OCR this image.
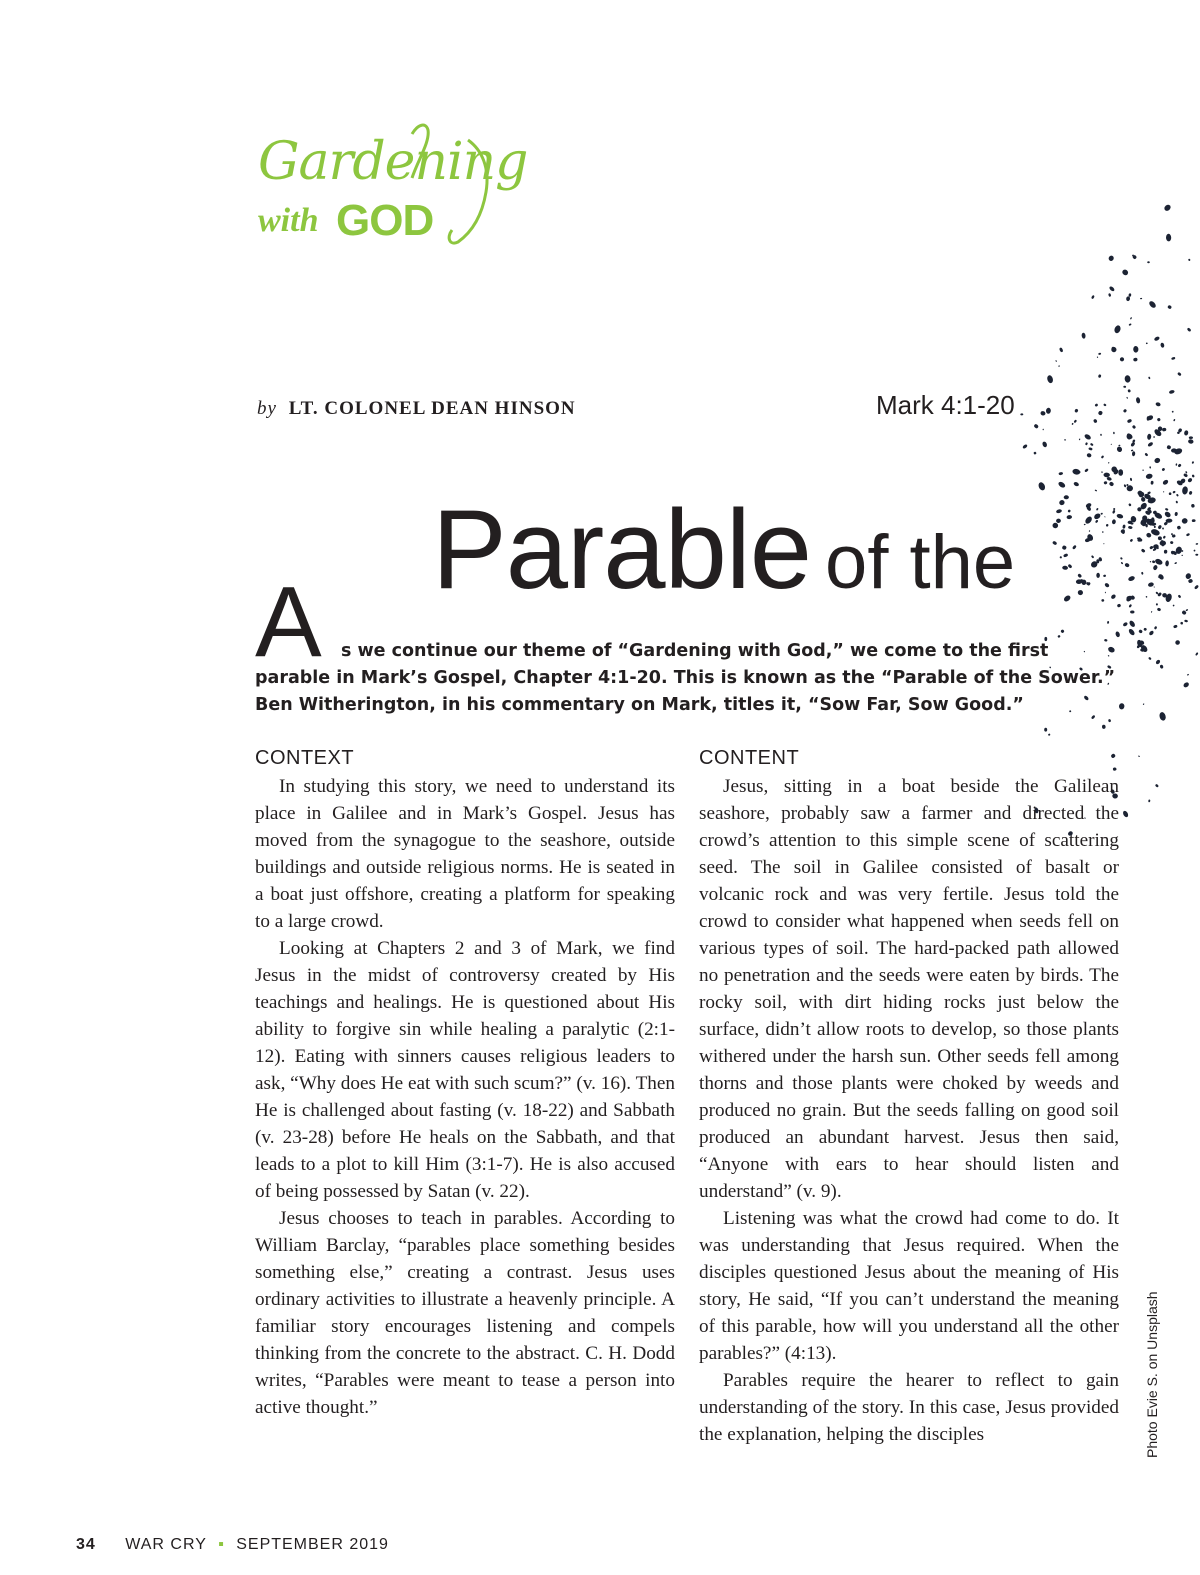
Gardening
with GOD
by LT. COLONEL DEAN HINSON	Mark 4:1-20
Parable of the
A	s we continue our theme of “Gardening with God,” we come to the first parable in Mark’s Gospel, Chapter 4:1-20. This is known as the “Parable of the Sower.” Ben Witherington, in his commentary on Mark, titles it, “Sow Far, Sow Good.”

CONTEXT

In studying this story, we need to understand its place in Galilee and in Mark’s Gospel. Jesus has moved from the synagogue to the seashore, outside buildings and outside religious norms. He is seated in a boat just offshore, creating a platform for speaking to a large crowd.

Looking at Chapters 2 and 3 of Mark, we find Jesus in the midst of controversy created by His teachings and healings. He is questioned about His ability to forgive sin while healing a paralytic (2:1-12). Eating with sinners causes religious leaders to ask, “Why does He eat with such scum?” (v. 16). Then He is challenged about fasting (v. 18-22) and Sabbath (v. 23-28) before He heals on the Sabbath, and that leads to a plot to kill Him (3:1-7). He is also accused of being possessed by Satan (v. 22).

Jesus chooses to teach in parables. According to William Barclay, “parables place something besides something else,” creating a contrast. Jesus uses ordinary activities to illustrate a heavenly principle. A familiar story encourages listening and compels thinking from the concrete to the abstract. C. H. Dodd writes, “Parables were meant to tease a person into active thought.”

CONTENT

Jesus, sitting in a boat beside the Galilean seashore, probably saw a farmer and directed the crowd’s attention to this simple scene of scattering seed. The soil in Galilee consisted of basalt or volcanic rock and was very fertile. Jesus told the crowd to consider what happened when seeds fell on various types of soil. The hard-packed path allowed no penetration and the seeds were eaten by birds. The rocky soil, with dirt hiding rocks just below the surface, didn’t allow roots to develop, so those plants withered under the harsh sun. Other seeds fell among thorns and those plants were choked by weeds and produced no grain. But the seeds falling on good soil produced an abundant harvest. Jesus then said, “Anyone with ears to hear should listen and understand” (v. 9).

Listening was what the crowd had come to do. It was understanding that Jesus required. When the disciples questioned Jesus about the meaning of His story, He said, “If you can’t understand the meaning of this parable, how will you understand all the other parables?” (4:13).

Parables require the hearer to reflect to gain understanding of the story. In this case, Jesus provided the explanation, helping the disciples	Photo Evie S. on Unsplash
34 WAR CRY ▪ SEPTEMBER 2019
